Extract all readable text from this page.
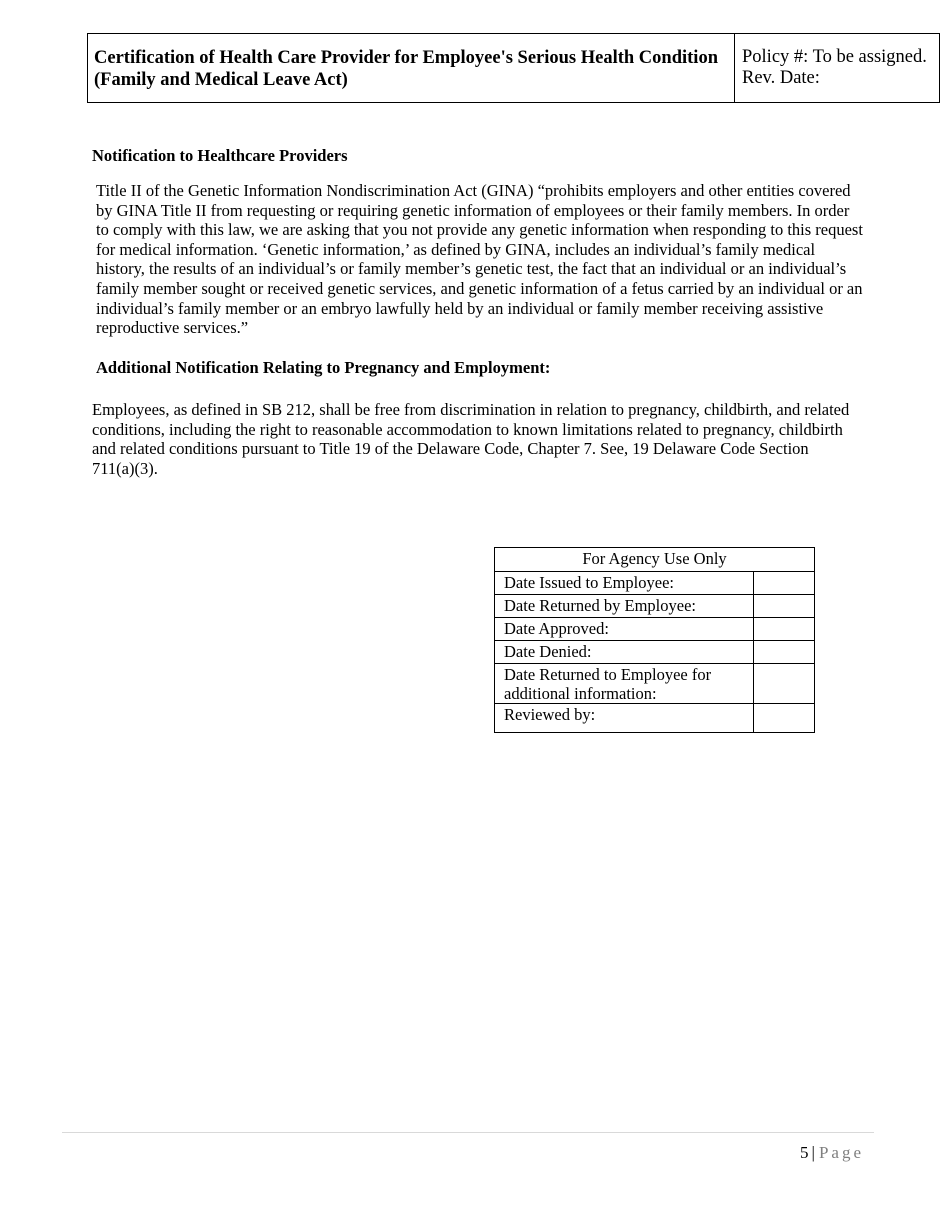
Certification of Health Care Provider for Employee's Serious Health Condition
(Family and Medical Leave Act)
Policy #: To be assigned.
Rev. Date:
Notification to Healthcare Providers

Title II of the Genetic Information Nondiscrimination Act (GINA) “prohibits employers and other entities covered by GINA Title II from requesting or requiring genetic information of employees or their family members. In order to comply with this law, we are asking that you not provide any genetic information when responding to this request for medical information. ‘Genetic information,’ as defined by GINA, includes an individual’s family medical history, the results of an individual’s or family member’s genetic test, the fact that an individual or an individual’s family member sought or received genetic services, and genetic information of a fetus carried by an individual or an individual’s family member or an embryo lawfully held by an individual or family member receiving assistive reproductive services.”

Additional Notification Relating to Pregnancy and Employment:

Employees, as defined in SB 212, shall be free from discrimination in relation to pregnancy, childbirth, and related conditions, including the right to reasonable accommodation to known limitations related to pregnancy, childbirth and related conditions pursuant to Title 19 of the Delaware Code, Chapter 7. See, 19 Delaware Code Section 711(a)(3).

For Agency Use Only	
Date Issued to Employee:	
Date Returned by Employee:	
Date Approved:	
Date Denied:	
Date Returned to Employee for additional information:	
Reviewed by:	
5 | Page
